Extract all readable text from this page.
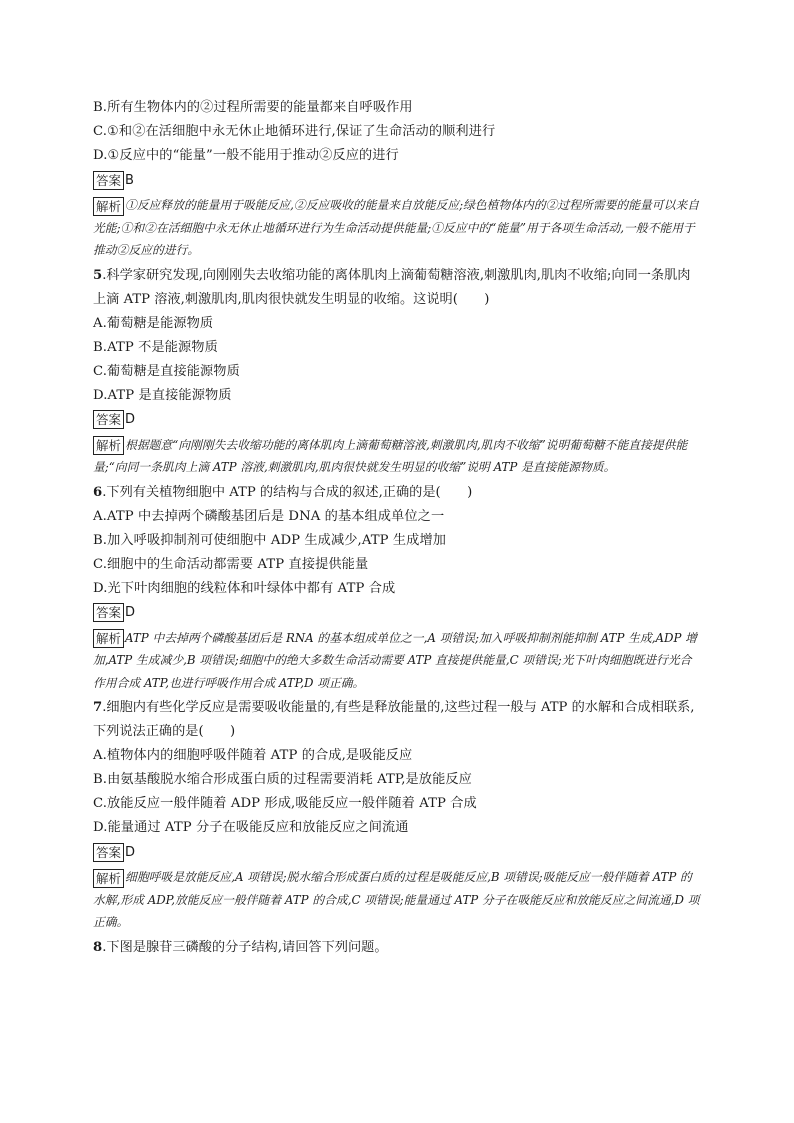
B.所有生物体内的②过程所需要的能量都来自呼吸作用
C.①和②在活细胞中永无休止地循环进行,保证了生命活动的顺利进行
D.①反应中的“能量”一般不能用于推动②反应的进行
答案 B
解析 ①反应释放的能量用于吸能反应,②反应吸收的能量来自放能反应;绿色植物体内的②过程所需要的能量可以来自光能;①和②在活细胞中永无休止地循环进行为生命活动提供能量;①反应中的“能量”用于各项生命活动,一般不能用于推动②反应的进行。
5.科学家研究发现,向刚刚失去收缩功能的离体肌肉上滴葡萄糖溶液,刺激肌肉,肌肉不收缩;向同一条肌肉上滴 ATP 溶液,刺激肌肉,肌肉很快就发生明显的收缩。这说明(　　)
A.葡萄糖是能源物质
B.ATP 不是能源物质
C.葡萄糖是直接能源物质
D.ATP 是直接能源物质
答案 D
解析 根据题意“向刚刚失去收缩功能的离体肌肉上滴葡萄糖溶液,刺激肌肉,肌肉不收缩”说明葡萄糖不能直接提供能量;“向同一条肌肉上滴 ATP 溶液,刺激肌肉,肌肉很快就发生明显的收缩”说明 ATP 是直接能源物质。
6.下列有关植物细胞中 ATP 的结构与合成的叙述,正确的是(　　)
A.ATP 中去掉两个磷酸基团后是 DNA 的基本组成单位之一
B.加入呼吸抑制剂可使细胞中 ADP 生成减少,ATP 生成增加
C.细胞中的生命活动都需要 ATP 直接提供能量
D.光下叶肉细胞的线粒体和叶绿体中都有 ATP 合成
答案 D
解析 ATP 中去掉两个磷酸基团后是 RNA 的基本组成单位之一,A 项错误;加入呼吸抑制剂能抑制 ATP 生成,ADP 增加,ATP 生成减少,B 项错误;细胞中的绝大多数生命活动需要 ATP 直接提供能量,C 项错误;光下叶肉细胞既进行光合作用合成 ATP,也进行呼吸作用合成 ATP,D 项正确。
7.细胞内有些化学反应是需要吸收能量的,有些是释放能量的,这些过程一般与 ATP 的水解和合成相联系,下列说法正确的是(　　)
A.植物体内的细胞呼吸伴随着 ATP 的合成,是吸能反应
B.由氨基酸脱水缩合形成蛋白质的过程需要消耗 ATP,是放能反应
C.放能反应一般伴随着 ADP 形成,吸能反应一般伴随着 ATP 合成
D.能量通过 ATP 分子在吸能反应和放能反应之间流通
答案 D
解析 细胞呼吸是放能反应,A 项错误;脱水缩合形成蛋白质的过程是吸能反应,B 项错误;吸能反应一般伴随着 ATP 的水解,形成 ADP,放能反应一般伴随着 ATP 的合成,C 项错误;能量通过 ATP 分子在吸能反应和放能反应之间流通,D 项正确。
8.下图是腺苷三磷酸的分子结构,请回答下列问题。
